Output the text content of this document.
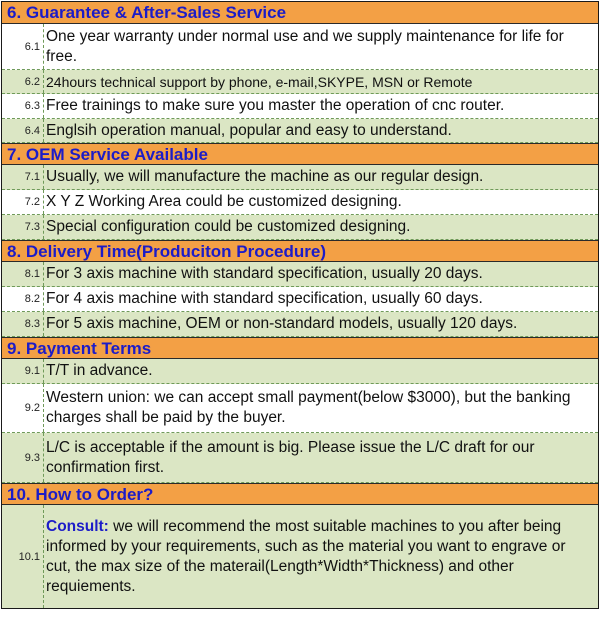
6. Guarantee & After-Sales Service
6.1
One year warranty under normal use and we supply maintenance for life for free.
6.2 24hours technical support by phone, e-mail,SKYPE, MSN or Remote
6.3 Free trainings to make sure you master the operation of cnc router.
6.4 Englsih operation manual, popular and easy to understand.
7. OEM Service Available
7.1 Usually, we will manufacture the machine as our regular design.
7.2 X Y Z Working Area could be customized designing.
7.3 Special configuration could be customized designing.
8. Delivery Time(Produciton Procedure)
8.1 For 3 axis machine with standard specification, usually 20 days.
8.2 For 4 axis machine with standard specification, usually 60 days.
8.3 For 5 axis machine, OEM or non-standard models, usually 120 days.
9. Payment Terms
9.1 T/T in advance.
9.2
Western union: we can accept small payment(below $3000), but the banking charges shall be paid by the buyer.
9.3
L/C is acceptable if the amount is big. Please issue the L/C draft for our confirmation first.
10. How to Order?
10.1
Consult: we will recommend the most suitable machines to you after being informed by your requirements, such as the material you want to engrave or cut, the max size of the materail(Length*Width*Thickness) and other requiements.
